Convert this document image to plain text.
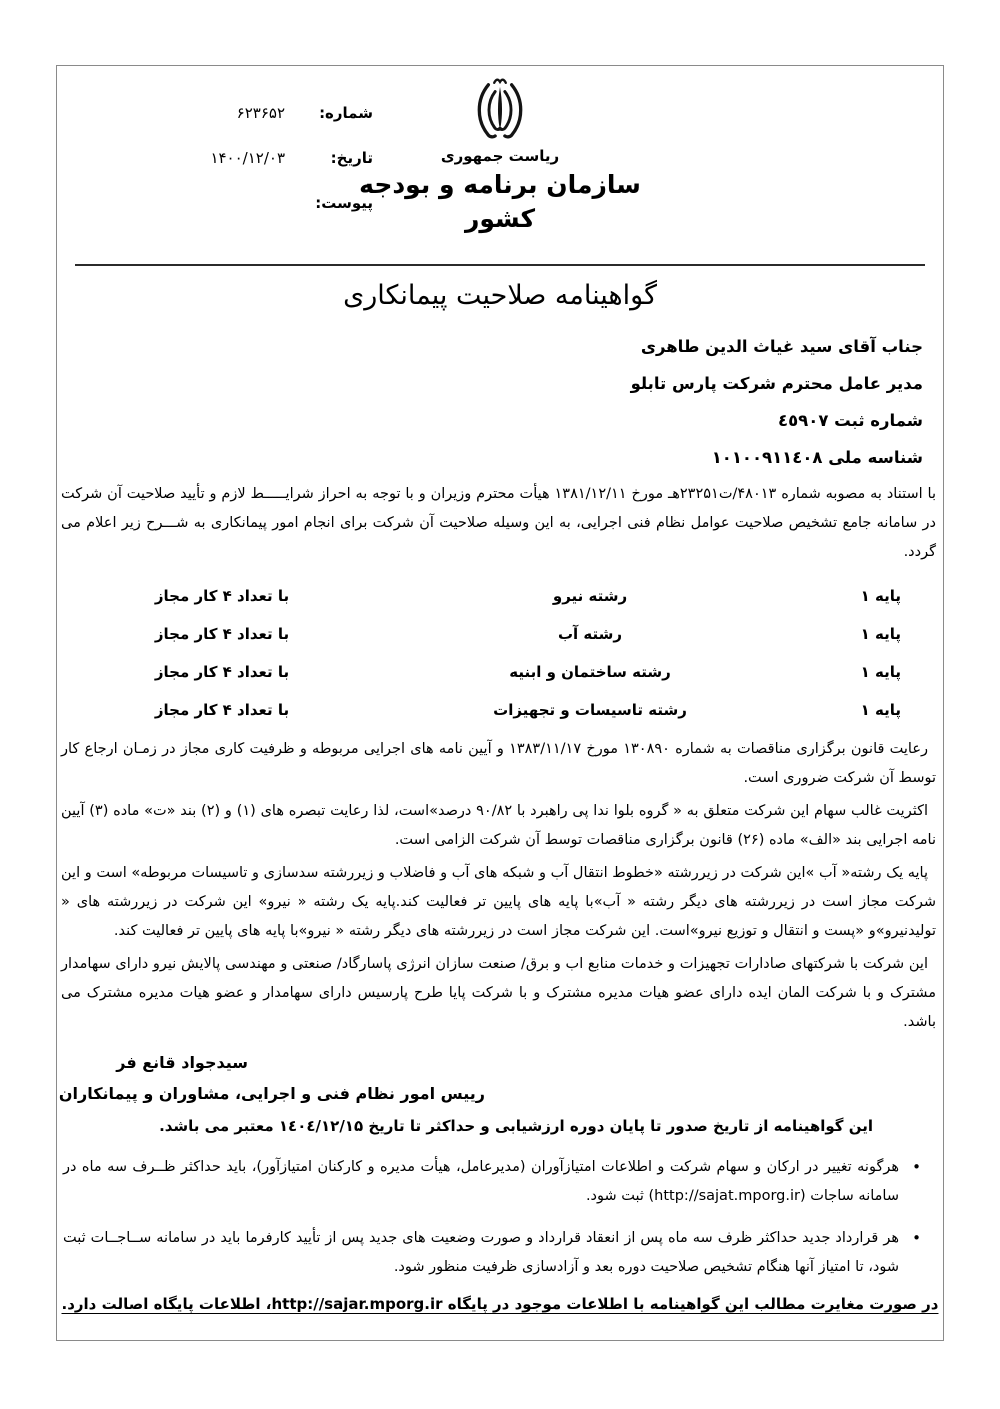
ریاست جمهوری
سازمان برنامه و بودجه کشور
شماره:
۶۲۳۶۵۲
تاریخ:
۱۴۰۰/۱۲/۰۳
پیوست:
گواهینامه صلاحیت پیمانکاری
جناب آقای سید غیاث الدین طاهری
مدیر عامل محترم شرکت پارس تابلو
شماره ثبت ٤٥٩٠٧
شناسه ملی ۱۰۱۰۰۹۱۱٤۰۸

با استناد به مصوبه شماره ۴۸۰۱۳/ت۲۳۲۵۱هـ مورخ ۱۳۸۱/۱۲/۱۱ هیأت محترم وزیران و با توجه به احراز شرایـــــط لازم و تأیید صلاحیت آن شرکت در سامانه جامع تشخیص صلاحیت عوامل نظام فنی اجرایی، به این وسیله صلاحیت آن شرکت برای انجام امور پیمانکاری به شـــرح زیر اعلام می گردد.

پایه ۱
رشته نیرو
با تعداد ۴ کار مجاز
پایه ۱
رشته آب
با تعداد ۴ کار مجاز
پایه ۱
رشته ساختمان و ابنیه
با تعداد ۴ کار مجاز
پایه ۱
رشته تاسیسات و تجهیزات
با تعداد ۴ کار مجاز

رعایت قانون برگزاری مناقصات به شماره ۱۳۰۸۹۰ مورخ ۱۳۸۳/۱۱/۱۷ و آیین نامه های اجرایی مربوطه و ظرفیت کاری مجاز در زمـان ارجاع کار توسط آن شرکت ضروری است.

اکثریت غالب سهام این شرکت متعلق به « گروه بلوا ندا پی راهبرد با ۹۰/۸۲ درصد»است، لذا رعایت تبصره های (۱) و (۲) بند «ت» ماده (۳) آیین نامه اجرایی بند «الف» ماده (۲۶) قانون برگزاری مناقصات توسط آن شرکت الزامی است.

پایه یک رشته« آب »این شرکت در زیررشته «خطوط انتقال آب و شبکه های آب و فاضلاب و زیررشته سدسازی و تاسیسات مربوطه» است و این شرکت مجاز است در زیررشته های دیگر رشته « آب»با پایه های پایین تر فعالیت کند.پایه یک رشته « نیرو» این شرکت در زیررشته های « تولیدنیرو»و «پست و انتقال و توزیع نیرو»است. این شرکت مجاز است در زیررشته های دیگر رشته « نیرو»با پایه های پایین تر فعالیت کند.

این شرکت با شرکتهای صادارات تجهیزات و خدمات منابع اب و برق/ صنعت سازان انرژی پاسارگاد/ صنعتی و مهندسی پالایش نیرو دارای سهامدار مشترک و با شرکت المان ایده دارای عضو هیات مدیره مشترک و با شرکت پایا طرح پارسیس دارای سهامدار و عضو هیات مدیره مشترک می باشد.

سیدجواد قانع فر
رییس امور نظام فنی و اجرایی، مشاوران و پیمانکاران
این گواهینامه از تاریخ صدور تا پایان دوره ارزشیابی و حداکثر تا تاریخ ۱٤۰٤/۱۲/۱۵ معتبر می باشد.
•
هرگونه تغییر در ارکان و سهام شرکت و اطلاعات امتیازآوران (مدیرعامل، هیأت مدیره و کارکنان امتیازآور)، باید حداکثر ظــرف سه ماه در سامانه ساجات (http://sajat.mporg.ir) ثبت شود.
•
هر قرارداد جدید حداکثر ظرف سه ماه پس از انعقاد قرارداد و صورت وضعیت های جدید پس از تأیید کارفرما باید در سامانه ســاجــات ثبت شود، تا امتیاز آنها هنگام تشخیص صلاحیت دوره بعد و آزادسازی ظرفیت منظور شود.
در صورت مغایرت مطالب این گواهینامه با اطلاعات موجود در پایگاه http://sajar.mporg.ir، اطلاعات پایگاه اصالت دارد.
